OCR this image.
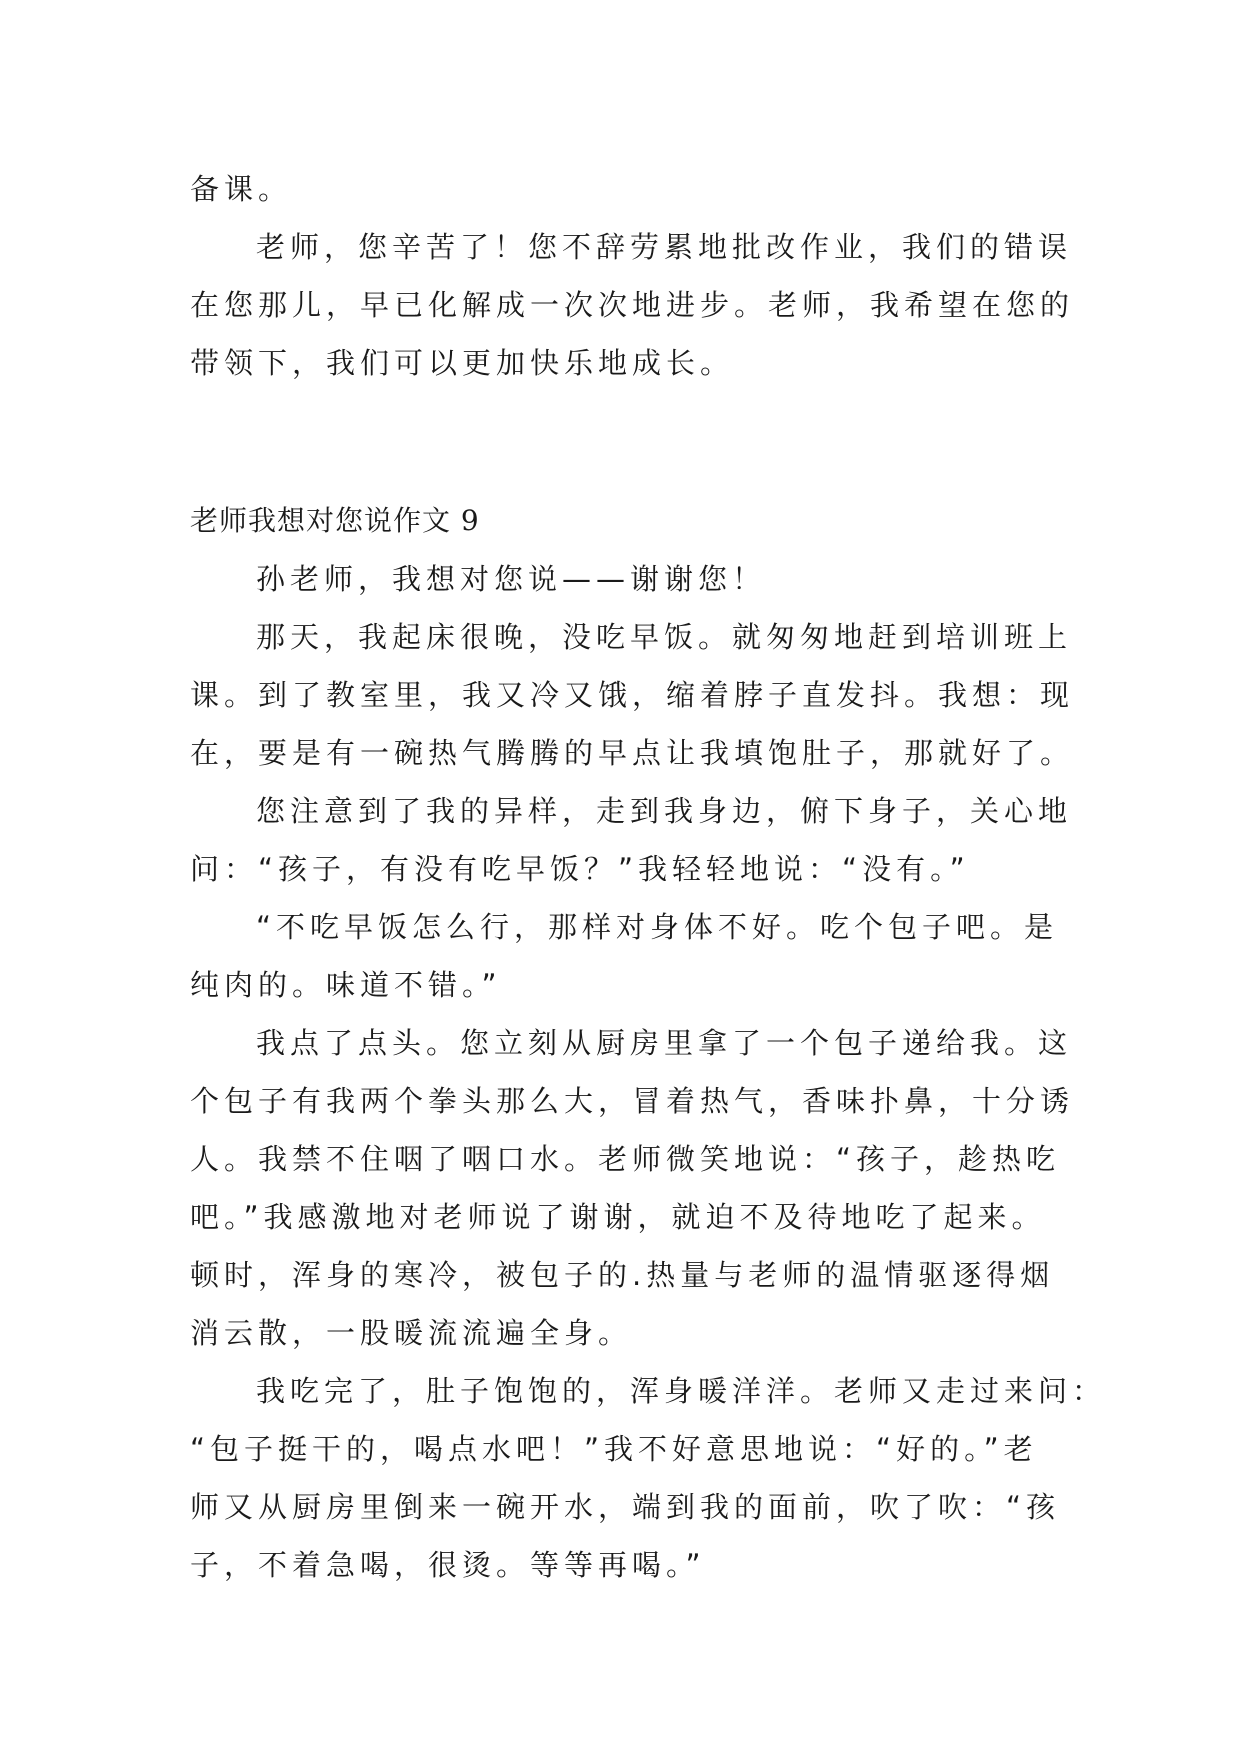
备课。
老师，您辛苦了！您不辞劳累地批改作业，我们的错误
在您那儿，早已化解成一次次地进步。老师，我希望在您的
带领下，我们可以更加快乐地成长。
老师我想对您说作文 9
孙老师，我想对您说——谢谢您！
那天，我起床很晚，没吃早饭。就匆匆地赶到培训班上
课。到了教室里，我又冷又饿，缩着脖子直发抖。我想：现
在，要是有一碗热气腾腾的早点让我填饱肚子，那就好了。
您注意到了我的异样，走到我身边，俯下身子，关心地
问：“孩子，有没有吃早饭？”我轻轻地说：“没有。”
“不吃早饭怎么行，那样对身体不好。吃个包子吧。是
纯肉的。味道不错。”
我点了点头。您立刻从厨房里拿了一个包子递给我。这
个包子有我两个拳头那么大，冒着热气，香味扑鼻，十分诱
人。我禁不住咽了咽口水。老师微笑地说：“孩子，趁热吃
吧。”我感激地对老师说了谢谢，就迫不及待地吃了起来。
顿时，浑身的寒冷，被包子的.热量与老师的温情驱逐得烟
消云散，一股暖流流遍全身。
我吃完了，肚子饱饱的，浑身暖洋洋。老师又走过来问：
“包子挺干的，喝点水吧！”我不好意思地说：“好的。”老
师又从厨房里倒来一碗开水，端到我的面前，吹了吹：“孩
子，不着急喝，很烫。等等再喝。”
